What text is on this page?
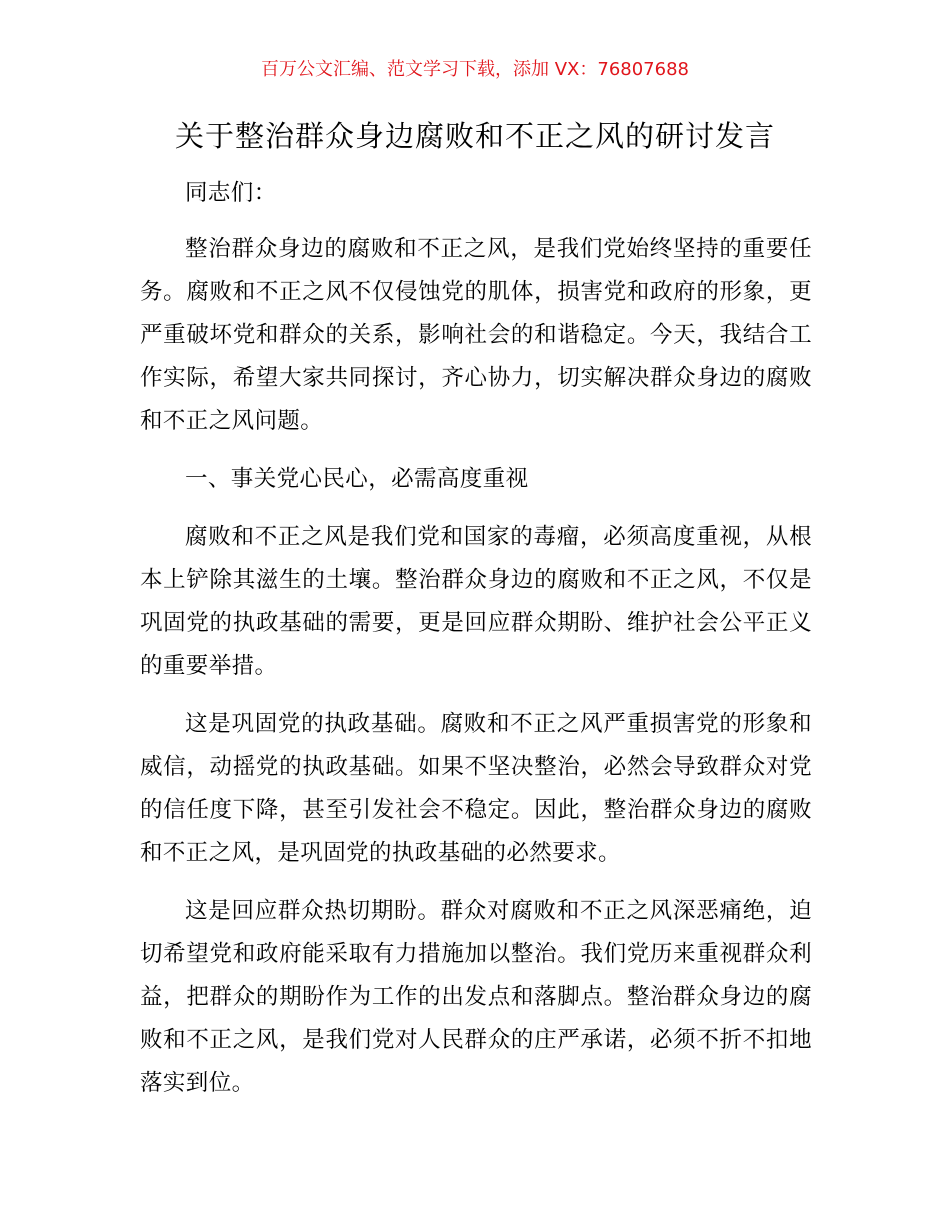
百万公文汇编、范文学习下载，添加 VX：76807688
关于整治群众身边腐败和不正之风的研讨发言

同志们：

整治群众身边的腐败和不正之风，是我们党始终坚持的重要任务。腐败和不正之风不仅侵蚀党的肌体，损害党和政府的形象，更严重破坏党和群众的关系，影响社会的和谐稳定。今天，我结合工作实际，希望大家共同探讨，齐心协力，切实解决群众身边的腐败和不正之风问题。

一、事关党心民心，必需高度重视

腐败和不正之风是我们党和国家的毒瘤，必须高度重视，从根本上铲除其滋生的土壤。整治群众身边的腐败和不正之风，不仅是巩固党的执政基础的需要，更是回应群众期盼、维护社会公平正义的重要举措。

这是巩固党的执政基础。腐败和不正之风严重损害党的形象和威信，动摇党的执政基础。如果不坚决整治，必然会导致群众对党的信任度下降，甚至引发社会不稳定。因此，整治群众身边的腐败和不正之风，是巩固党的执政基础的必然要求。

这是回应群众热切期盼。群众对腐败和不正之风深恶痛绝，迫切希望党和政府能采取有力措施加以整治。我们党历来重视群众利益，把群众的期盼作为工作的出发点和落脚点。整治群众身边的腐败和不正之风，是我们党对人民群众的庄严承诺，必须不折不扣地落实到位。
